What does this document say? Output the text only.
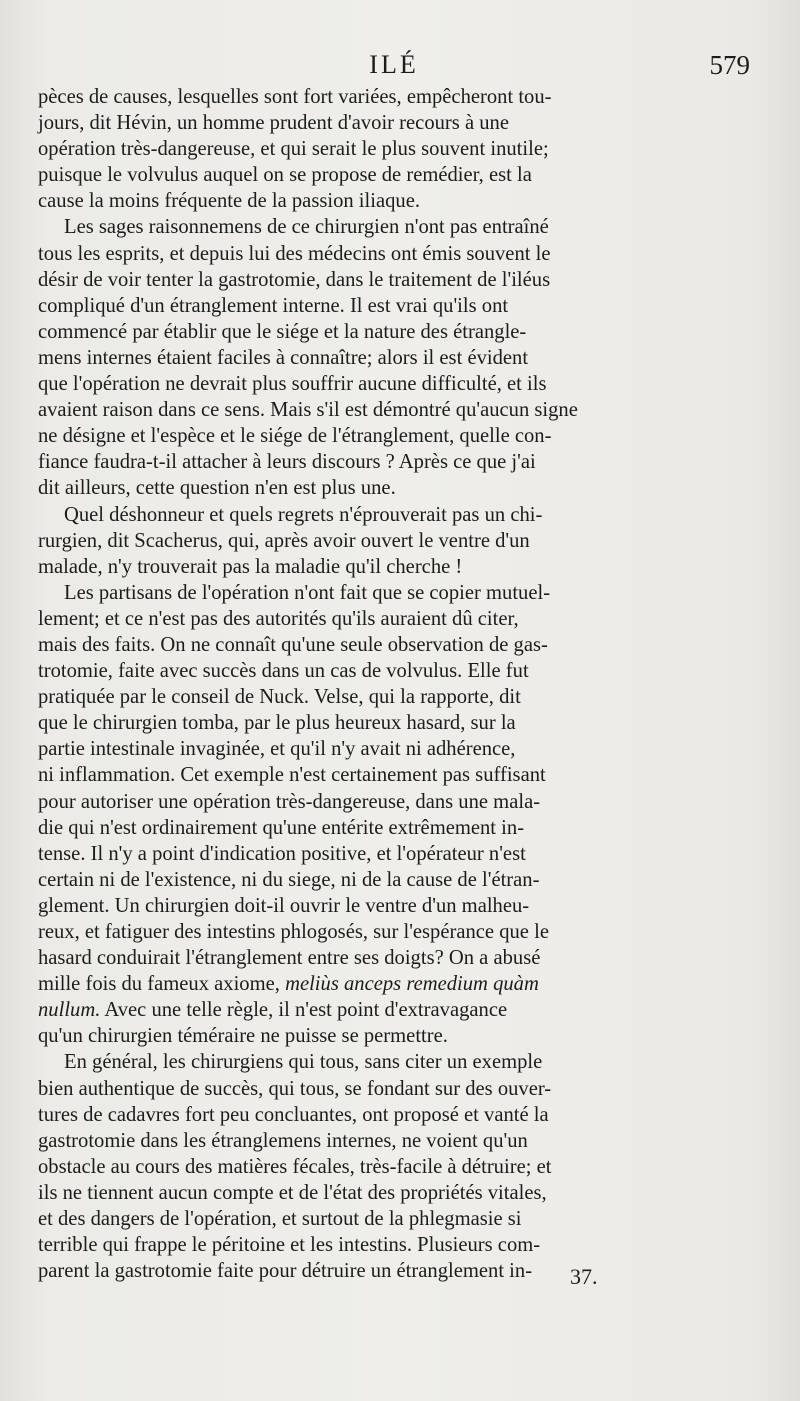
ILÉ	579
pèces de causes, lesquelles sont fort variées, empêcheront tou-
jours, dit Hévin, un homme prudent d'avoir recours à une
opération très-dangereuse, et qui serait le plus souvent inutile;
puisque le volvulus auquel on se propose de remédier, est la
cause la moins fréquente de la passion iliaque.
Les sages raisonnemens de ce chirurgien n'ont pas entraîné
tous les esprits, et depuis lui des médecins ont émis souvent le
désir de voir tenter la gastrotomie, dans le traitement de l'iléus
compliqué d'un étranglement interne. Il est vrai qu'ils ont
commencé par établir que le siége et la nature des étrangle-
mens internes étaient faciles à connaître; alors il est évident
que l'opération ne devrait plus souffrir aucune difficulté, et ils
avaient raison dans ce sens. Mais s'il est démontré qu'aucun signe
ne désigne et l'espèce et le siége de l'étranglement, quelle con-
fiance faudra-t-il attacher à leurs discours ? Après ce que j'ai
dit ailleurs, cette question n'en est plus une.
Quel déshonneur et quels regrets n'éprouverait pas un chi-
rurgien, dit Scacherus, qui, après avoir ouvert le ventre d'un
malade, n'y trouverait pas la maladie qu'il cherche !
Les partisans de l'opération n'ont fait que se copier mutuel-
lement; et ce n'est pas des autorités qu'ils auraient dû citer,
mais des faits. On ne connaît qu'une seule observation de gas-
trotomie, faite avec succès dans un cas de volvulus. Elle fut
pratiquée par le conseil de Nuck. Velse, qui la rapporte, dit
que le chirurgien tomba, par le plus heureux hasard, sur la
partie intestinale invaginée, et qu'il n'y avait ni adhérence,
ni inflammation. Cet exemple n'est certainement pas suffisant
pour autoriser une opération très-dangereuse, dans une mala-
die qui n'est ordinairement qu'une entérite extrêmement in-
tense. Il n'y a point d'indication positive, et l'opérateur n'est
certain ni de l'existence, ni du siege, ni de la cause de l'étran-
glement. Un chirurgien doit-il ouvrir le ventre d'un malheu-
reux, et fatiguer des intestins phlogosés, sur l'espérance que le
hasard conduirait l'étranglement entre ses doigts? On a abusé
mille fois du fameux axiome, meliùs anceps remedium quàm
nullum. Avec une telle règle, il n'est point d'extravagance
qu'un chirurgien téméraire ne puisse se permettre.
En général, les chirurgiens qui tous, sans citer un exemple
bien authentique de succès, qui tous, se fondant sur des ouver-
tures de cadavres fort peu concluantes, ont proposé et vanté la
gastrotomie dans les étranglemens internes, ne voient qu'un
obstacle au cours des matières fécales, très-facile à détruire; et
ils ne tiennent aucun compte et de l'état des propriétés vitales,
et des dangers de l'opération, et surtout de la phlegmasie si
terrible qui frappe le péritoine et les intestins. Plusieurs com-
parent la gastrotomie faite pour détruire un étranglement in-	37.
